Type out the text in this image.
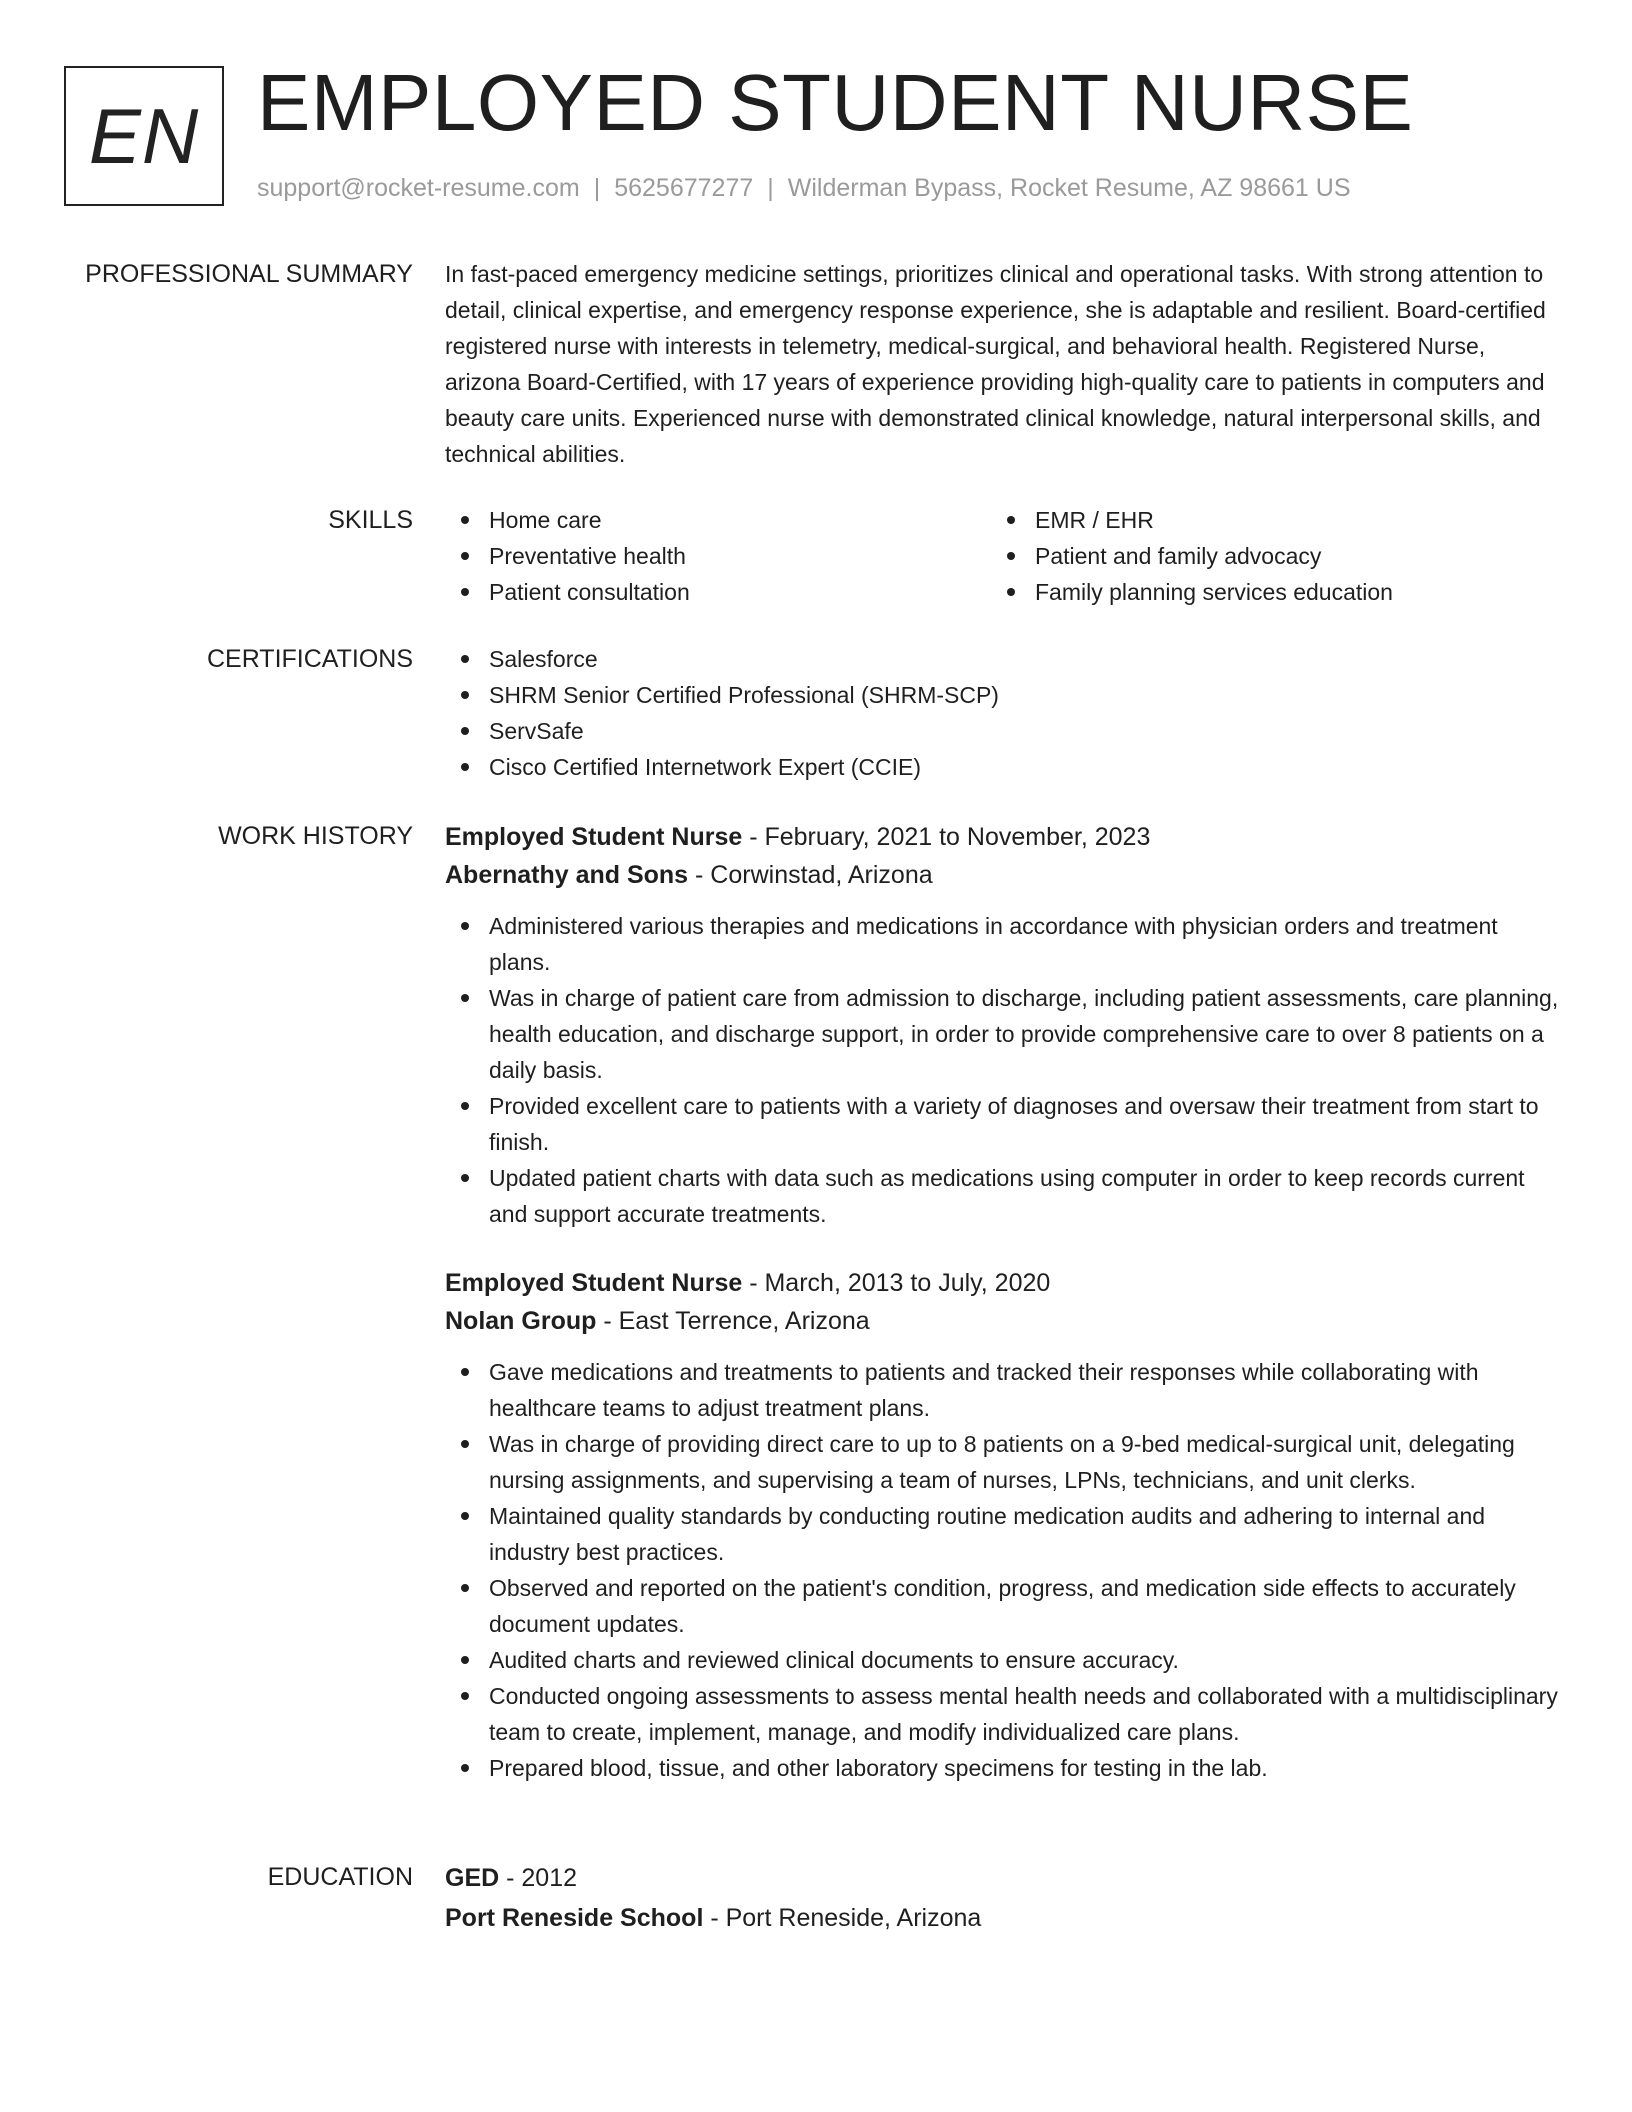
EN EMPLOYED STUDENT NURSE
support@rocket-resume.com | 5625677277 | Wilderman Bypass, Rocket Resume, AZ 98661 US
PROFESSIONAL SUMMARY In fast-paced emergency medicine settings, prioritizes clinical and operational tasks. With strong attention to detail, clinical expertise, and emergency response experience, she is adaptable and resilient. Board-certified registered nurse with interests in telemetry, medical-surgical, and behavioral health. Registered Nurse, arizona Board-Certified, with 17 years of experience providing high-quality care to patients in computers and beauty care units. Experienced nurse with demonstrated clinical knowledge, natural interpersonal skills, and technical abilities.

SKILLS	Home care
Preventative health
Patient consultation
EMR / EHR
Patient and family advocacy
Family planning services education
CERTIFICATIONS	Salesforce
SHRM Senior Certified Professional (SHRM-SCP)
ServSafe
Cisco Certified Internetwork Expert (CCIE)
WORK HISTORY Employed Student Nurse - February, 2021 to November, 2023
Abernathy and Sons - Corwinstad, Arizona
Administered various therapies and medications in accordance with physician orders and treatment plans.
Was in charge of patient care from admission to discharge, including patient assessments, care planning, health education, and discharge support, in order to provide comprehensive care to over 8 patients on a daily basis.
Provided excellent care to patients with a variety of diagnoses and oversaw their treatment from start to finish.
Updated patient charts with data such as medications using computer in order to keep records current and support accurate treatments.
Employed Student Nurse - March, 2013 to July, 2020
Nolan Group - East Terrence, Arizona
Gave medications and treatments to patients and tracked their responses while collaborating with healthcare teams to adjust treatment plans.
Was in charge of providing direct care to up to 8 patients on a 9-bed medical-surgical unit, delegating nursing assignments, and supervising a team of nurses, LPNs, technicians, and unit clerks.
Maintained quality standards by conducting routine medication audits and adhering to internal and industry best practices.
Observed and reported on the patient's condition, progress, and medication side effects to accurately document updates.
Audited charts and reviewed clinical documents to ensure accuracy.
Conducted ongoing assessments to assess mental health needs and collaborated with a multidisciplinary team to create, implement, manage, and modify individualized care plans.
Prepared blood, tissue, and other laboratory specimens for testing in the lab.
EDUCATION GED - 2012
Port Reneside School - Port Reneside, Arizona
